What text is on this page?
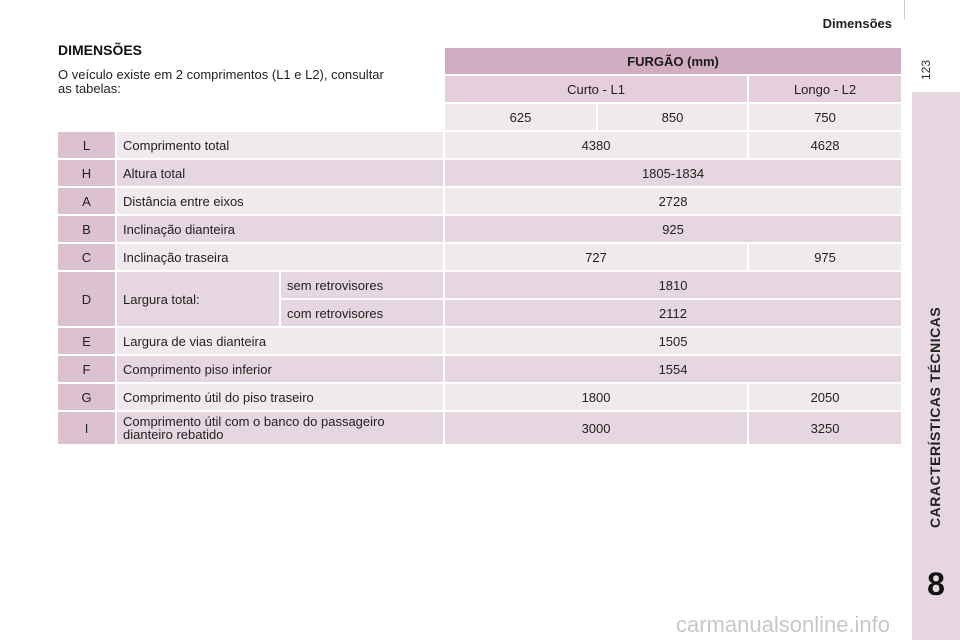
Dimensões
123
CARACTERÍSTICAS TÉCNICAS
8
			FURGÃO (mm)		
			Curto - L1		Longo - L2
			625	850	750
L	Comprimento total		4380		4628
H	Altura total		1805-1834		
A	Distância entre eixos		2728		
B	Inclinação dianteira		925		
C	Inclinação traseira		727		975
D	Largura total:	sem retrovisores	1810		
		com retrovisores	2112		
E	Largura de vias dianteira		1505		
F	Comprimento piso inferior		1554		
G	Comprimento útil do piso traseiro		1800		2050
I	Comprimento útil com o banco do passageiro dianteiro rebatido		3000		3250
DIMENSÕES
O veículo existe em 2 comprimentos (L1 e L2), consultar as tabelas:
carmanualsonline.info
